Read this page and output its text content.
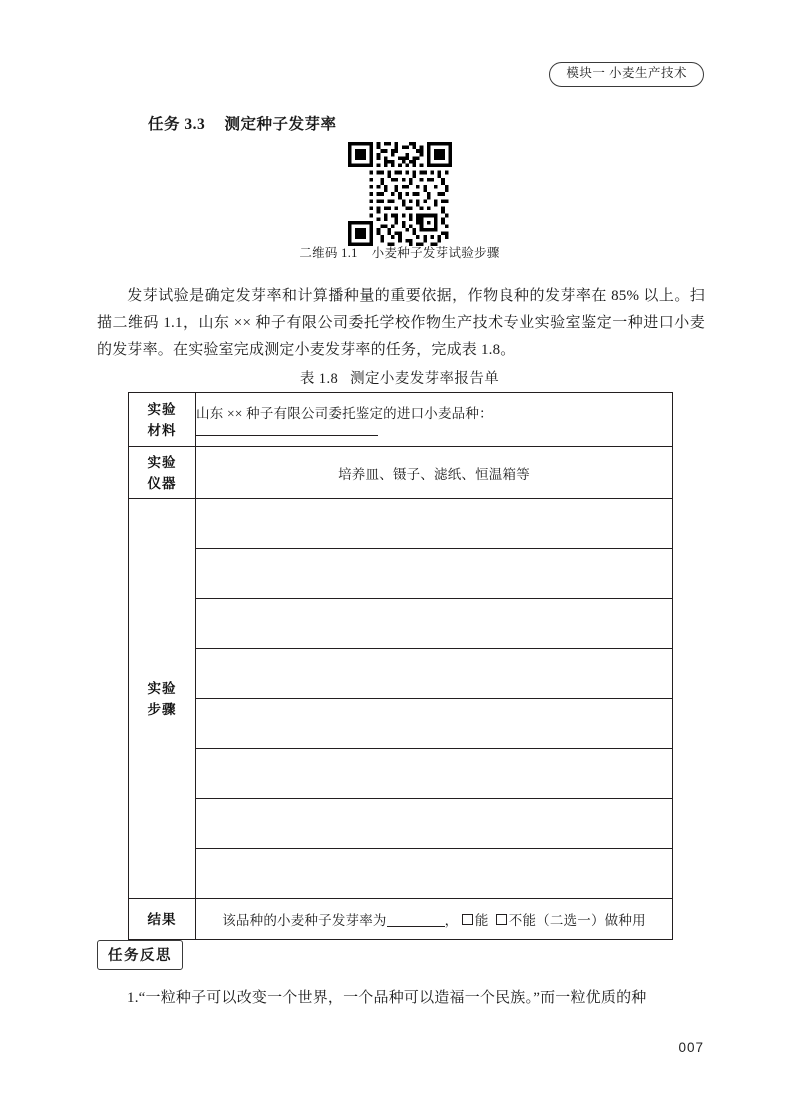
模块一 小麦生产技术
任务 3.3 测定种子发芽率
二维码 1.1 小麦种子发芽试验步骤
发芽试验是确定发芽率和计算播种量的重要依据，作物良种的发芽率在 85% 以上。扫描二维码 1.1，山东 ×× 种子有限公司委托学校作物生产技术专业实验室鉴定一种进口小麦的发芽率。在实验室完成测定小麦发芽率的任务，完成表 1.8。
表 1.8 测定小麦发芽率报告单
实验
材料	山东 ×× 种子有限公司委托鉴定的进口小麦品种：

实验
仪器	培养皿、镊子、滤纸、恒温箱等

实验
步骤	

结果	该品种的小麦种子发芽率为 ， 能 不能（二选一）做种用
任务反思
1.“一粒种子可以改变一个世界，一个品种可以造福一个民族。”而一粒优质的种
007
